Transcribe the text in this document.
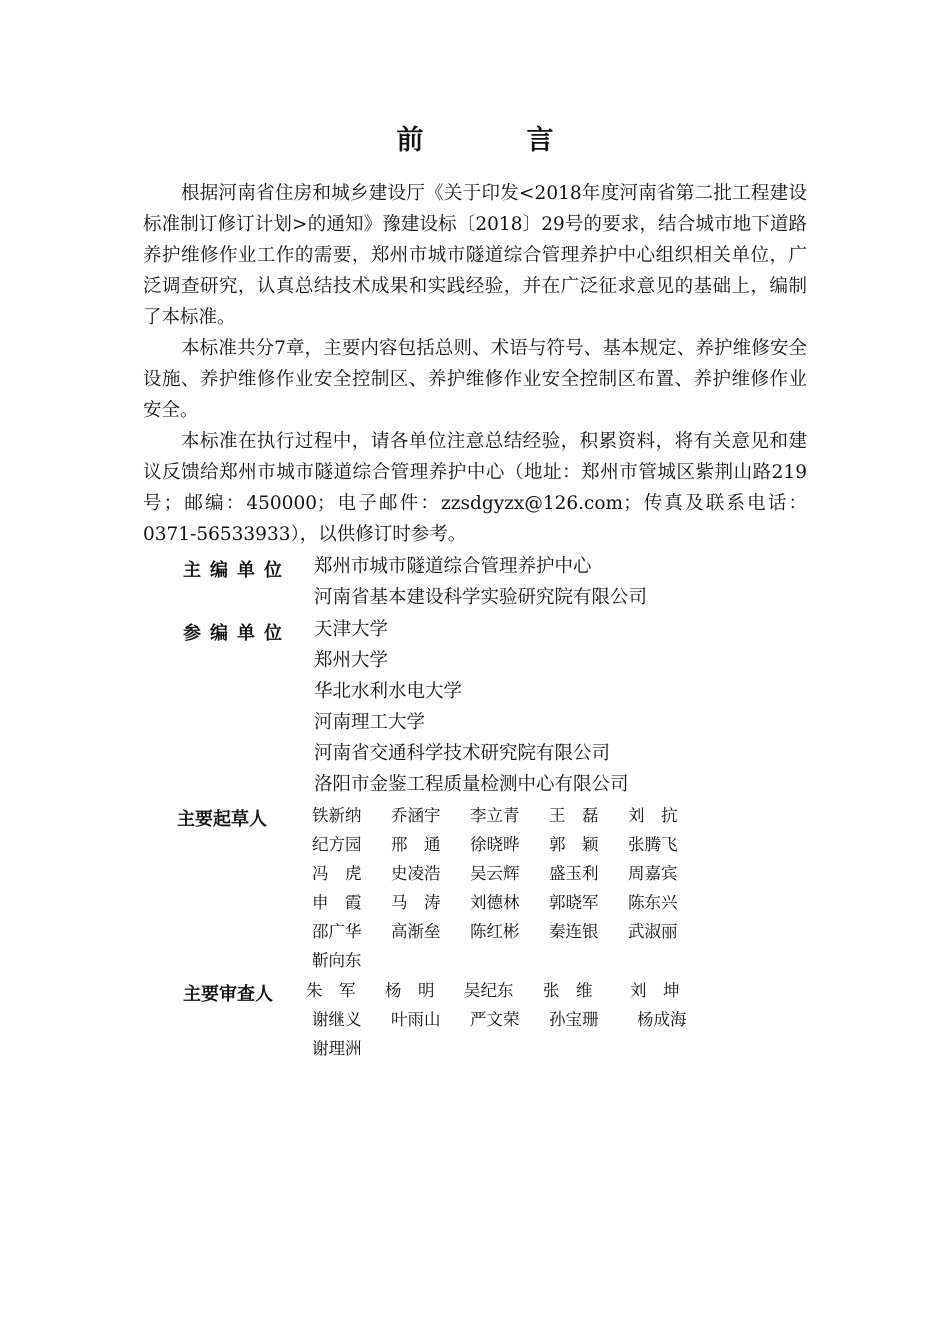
前　言

根据河南省住房和城乡建设厅《关于印发<2018年度河南省第二批工程建设标准制订修订计划>的通知》豫建设标〔2018〕29号的要求，结合城市地下道路养护维修作业工作的需要，郑州市城市隧道综合管理养护中心组织相关单位，广泛调查研究，认真总结技术成果和实践经验，并在广泛征求意见的基础上，编制了本标准。

本标准共分7章，主要内容包括总则、术语与符号、基本规定、养护维修安全设施、养护维修作业安全控制区、养护维修作业安全控制区布置、养护维修作业安全。

本标准在执行过程中，请各单位注意总结经验，积累资料，将有关意见和建议反馈给郑州市城市隧道综合管理养护中心（地址：郑州市管城区紫荆山路219号；邮编：450000；电子邮件：zzsdgyzx@126.com；传真及联系电话：0371-56533933），以供修订时参考。

主编单位 郑州市城市隧道综合管理养护中心
河南省基本建设科学实验研究院有限公司
参编单位 天津大学
郑州大学
华北水利水电大学
河南理工大学
河南省交通科学技术研究院有限公司
洛阳市金鉴工程质量检测中心有限公司
主要起草人	铁新纳 乔涵宇 李立青 王　磊 刘　抗
纪方园 邢　通 徐晓晔 郭　颖 张腾飞
冯　虎 史凌浩 吴云辉 盛玉利 周嘉宾
申　霞 马　涛 刘德林 郭晓军 陈东兴
邵广华 高渐垒 陈红彬 秦连银 武淑丽
靳向东
主要审查人 朱　军 杨　明 吴纪东 张　维 刘　坤
谢继义 叶雨山 严文荣 孙宝珊 杨成海
谢理洲
